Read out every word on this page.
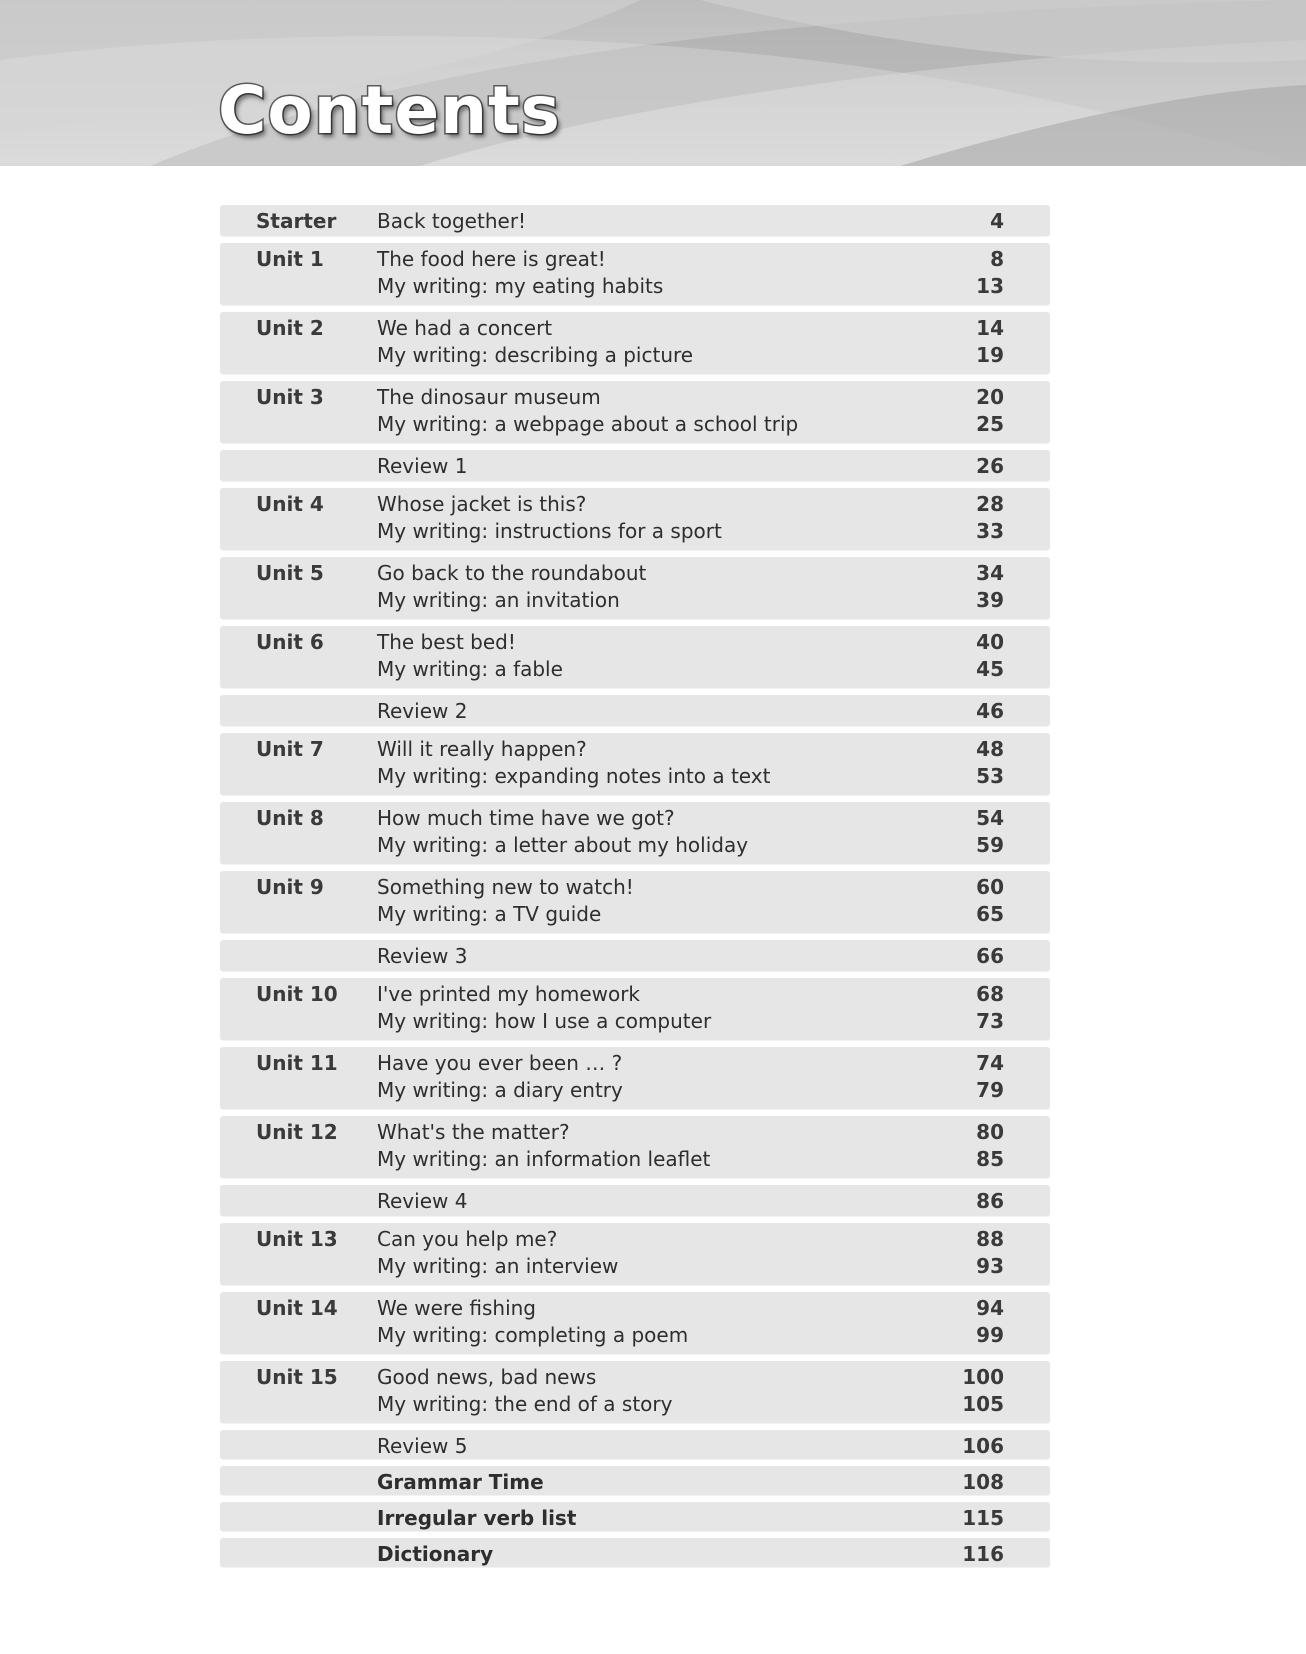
Contents
Starter Back together!	4
Unit 1	The food here is great!	8
My writing: my eating habits	13
Unit 2	We had a concert	14
My writing: describing a picture	19
Unit 3	The dinosaur museum	20
My writing: a webpage about a school trip	25
Review 1	26
Unit 4	Whose jacket is this?	28
My writing: instructions for a sport	33
Unit 5	Go back to the roundabout	34
My writing: an invitation	39
Unit 6	The best bed!	40
My writing: a fable	45
Review 2	46
Unit 7	Will it really happen?	48
My writing: expanding notes into a text	53
Unit 8	How much time have we got?	54
My writing: a letter about my holiday	59
Unit 9	Something new to watch!	60
My writing: a TV guide	65
Review 3	66
Unit 10 I've printed my homework	68
My writing: how I use a computer	73
Unit 11 Have you ever been … ?	74
My writing: a diary entry	79
Unit 12 What's the matter?	80
My writing: an information leaflet	85
Review 4	86
Unit 13 Can you help me?	88
My writing: an interview	93
Unit 14 We were fishing	94
My writing: completing a poem	99
Unit 15 Good news, bad news	100
My writing: the end of a story	105
Review 5	106
Grammar Time	108
Irregular verb list	115
Dictionary	116
